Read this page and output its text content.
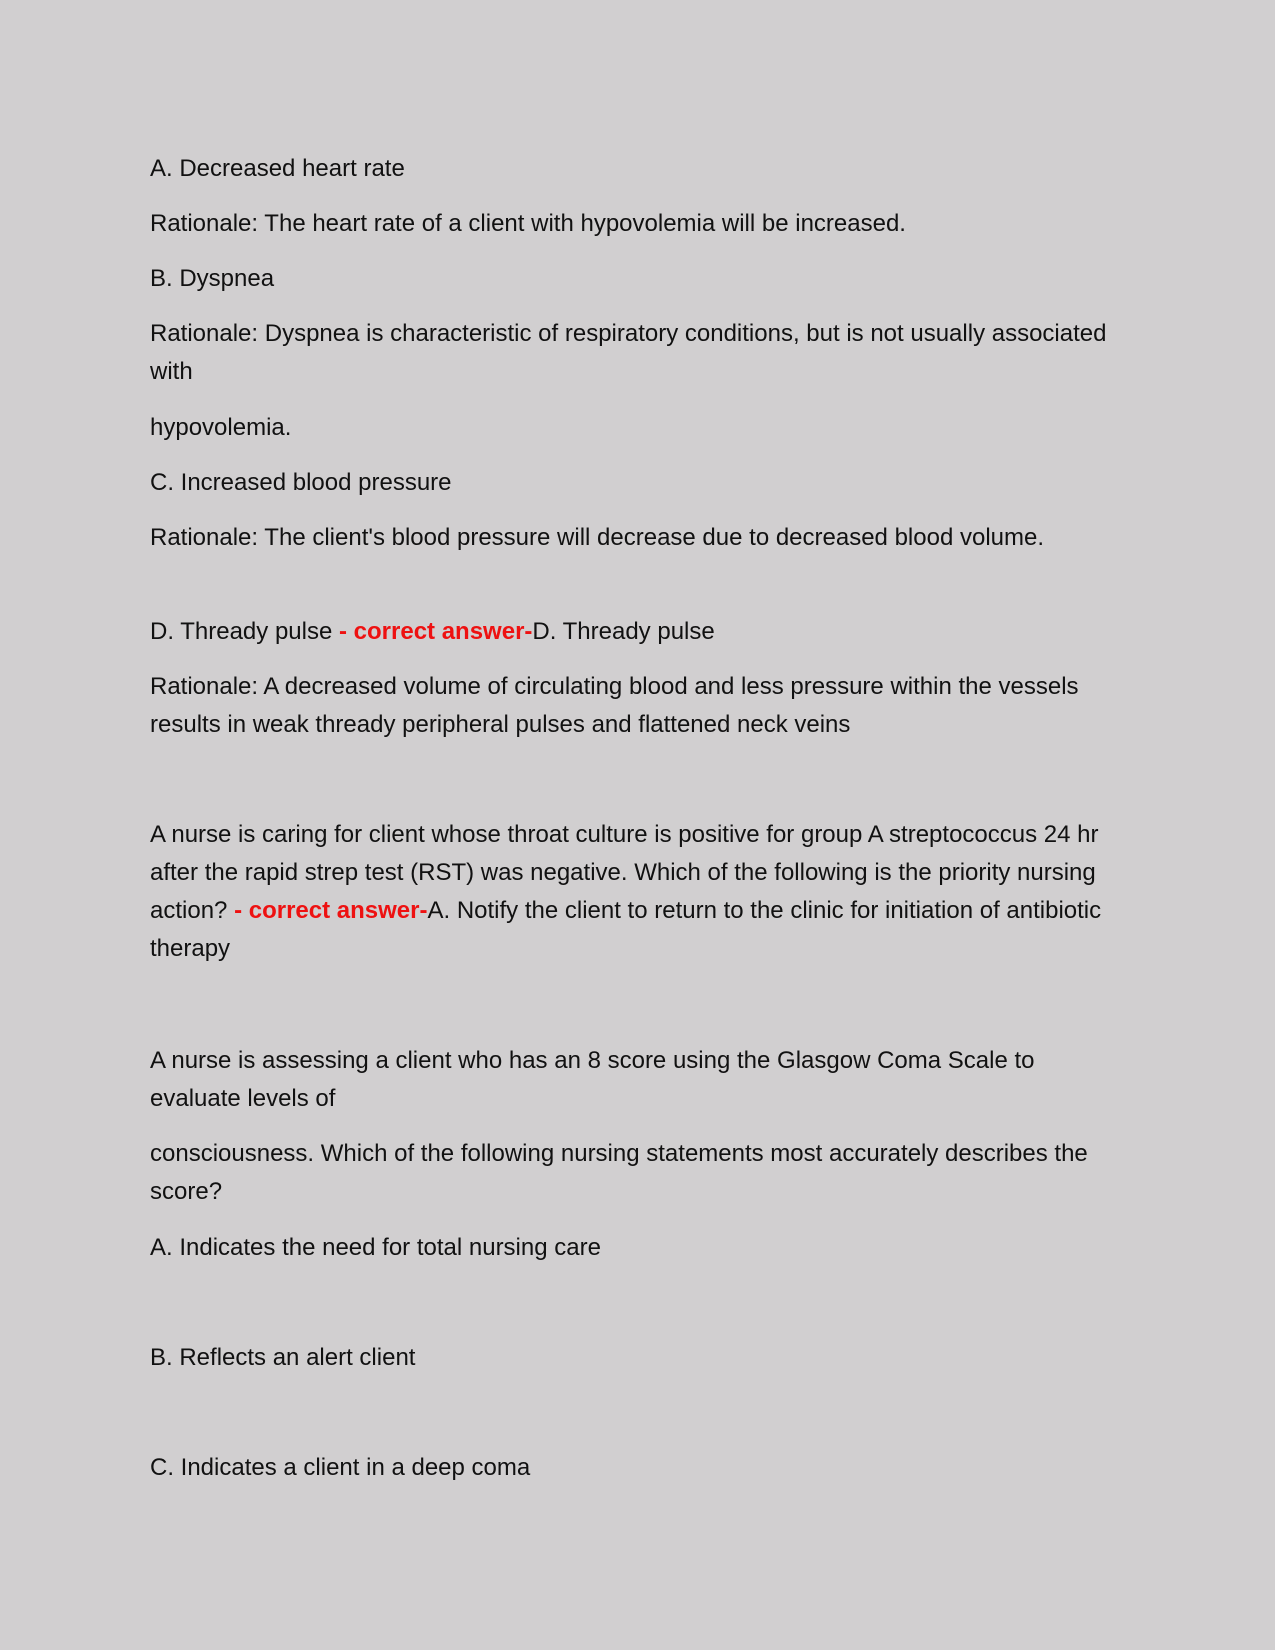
A. Decreased heart rate

Rationale: The heart rate of a client with hypovolemia will be increased.

B. Dyspnea

Rationale: Dyspnea is characteristic of respiratory conditions, but is not usually associated with

hypovolemia.

C. Increased blood pressure

Rationale: The client's blood pressure will decrease due to decreased blood volume.

D. Thready pulse - correct answer-D. Thready pulse

Rationale: A decreased volume of circulating blood and less pressure within the vessels results in weak thready peripheral pulses and flattened neck veins

A nurse is caring for client whose throat culture is positive for group A streptococcus 24 hr after the rapid strep test (RST) was negative. Which of the following is the priority nursing action? - correct answer-A. Notify the client to return to the clinic for initiation of antibiotic therapy

A nurse is assessing a client who has an 8 score using the Glasgow Coma Scale to evaluate levels of

consciousness. Which of the following nursing statements most accurately describes the score?

A. Indicates the need for total nursing care

B. Reflects an alert client

C. Indicates a client in a deep coma
